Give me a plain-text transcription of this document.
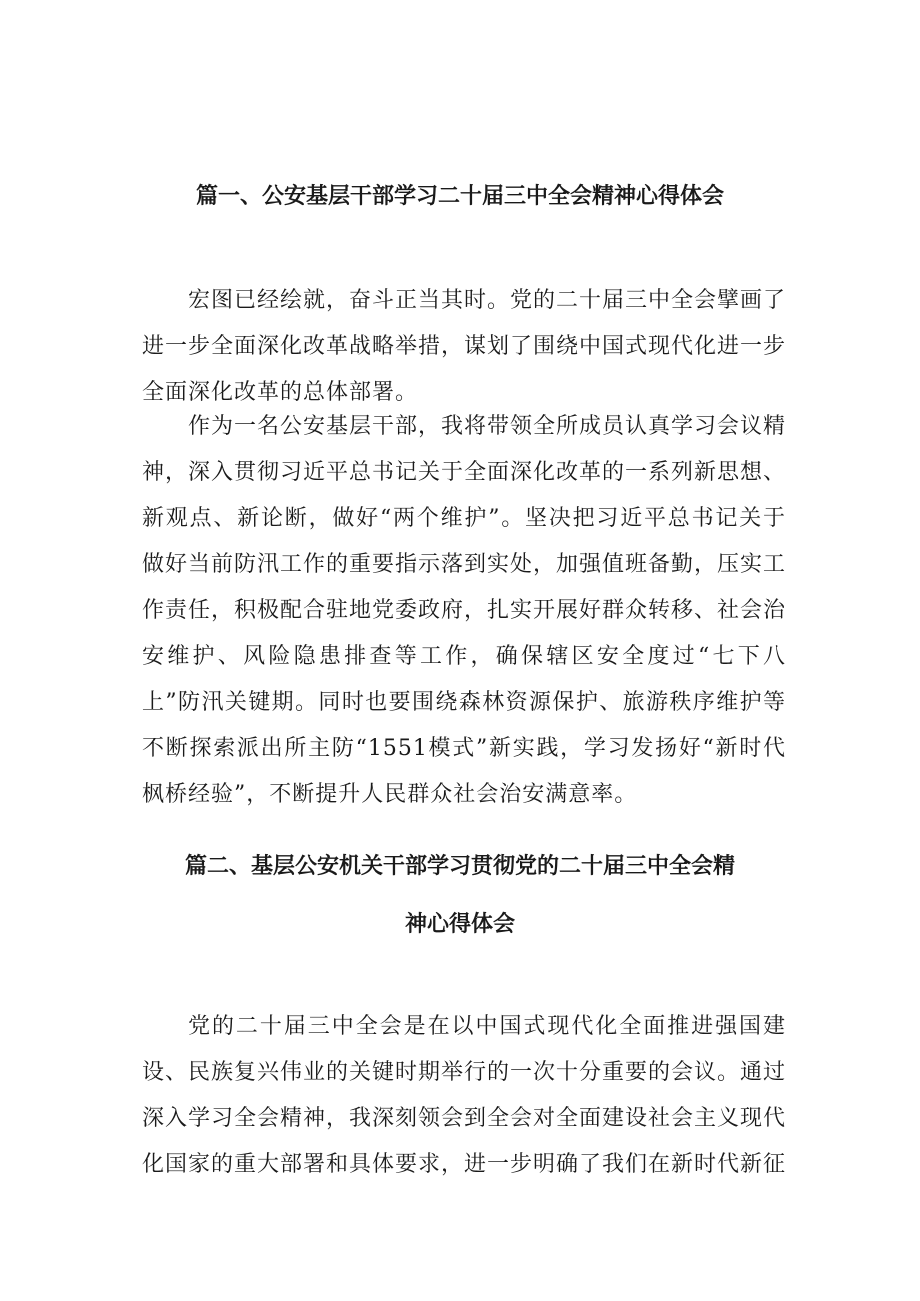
篇一、公安基层干部学习二十届三中全会精神心得体会

宏图已经绘就，奋斗正当其时。党的二十届三中全会擘画了进一步全面深化改革战略举措，谋划了围绕中国式现代化进一步全面深化改革的总体部署。

作为一名公安基层干部，我将带领全所成员认真学习会议精神，深入贯彻习近平总书记关于全面深化改革的一系列新思想、新观点、新论断，做好“两个维护”。坚决把习近平总书记关于做好当前防汛工作的重要指示落到实处，加强值班备勤，压实工作责任，积极配合驻地党委政府，扎实开展好群众转移、社会治安维护、风险隐患排查等工作，确保辖区安全度过“七下八上”防汛关键期。同时也要围绕森林资源保护、旅游秩序维护等不断探索派出所主防“1551模式”新实践，学习发扬好“新时代枫桥经验”，不断提升人民群众社会治安满意率。

篇二、基层公安机关干部学习贯彻党的二十届三中全会精
神心得体会

党的二十届三中全会是在以中国式现代化全面推进强国建设、民族复兴伟业的关键时期举行的一次十分重要的会议。通过深入学习全会精神，我深刻领会到全会对全面建设社会主义现代化国家的重大部署和具体要求，进一步明确了我们在新时代新征
